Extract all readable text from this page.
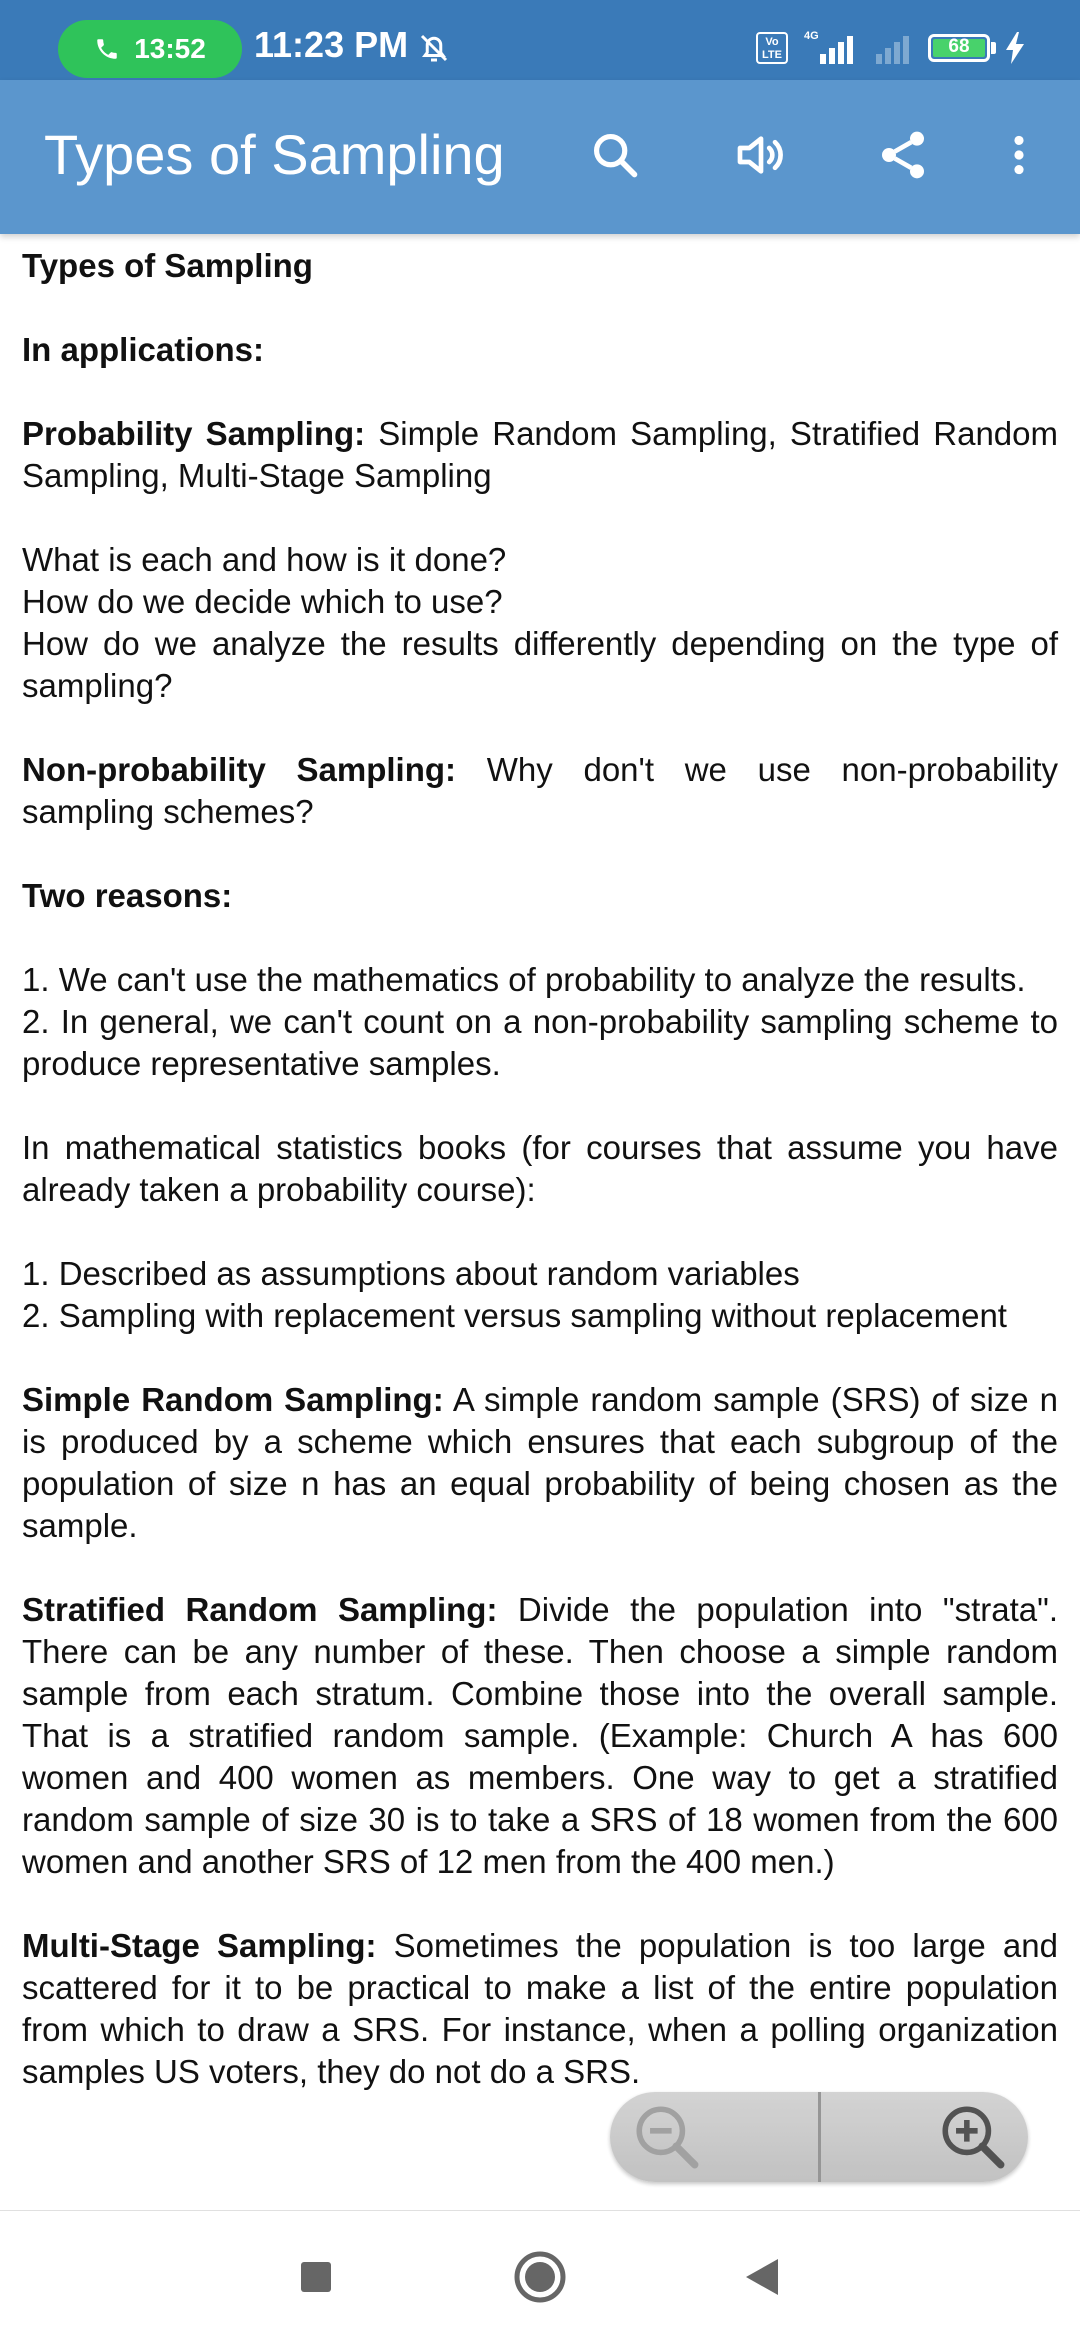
13:52 11:23 PM	Vo
LTE
4G	68
Types of Sampling

Types of Sampling

In applications:

Probability Sampling: Simple Random Sampling, Stratified Random Sampling, Multi-Stage Sampling

What is each and how is it done?
How do we decide which to use?
How do we analyze the results differently depending on the type of sampling?

Non-probability Sampling: Why don't we use non-probability sampling schemes?

Two reasons:

1. We can't use the mathematics of probability to analyze the results.
2. In general, we can't count on a non-probability sampling scheme to produce representative samples.

In mathematical statistics books (for courses that assume you have already taken a probability course):

1. Described as assumptions about random variables
2. Sampling with replacement versus sampling without replacement

Simple Random Sampling: A simple random sample (SRS) of size n is produced by a scheme which ensures that each subgroup of the population of size n has an equal probability of being chosen as the sample.

Stratified Random Sampling: Divide the population into "strata". There can be any number of these. Then choose a simple random sample from each stratum. Combine those into the overall sample. That is a stratified random sample. (Example: Church A has 600 women and 400 women as members. One way to get a stratified random sample of size 30 is to take a SRS of 18 women from the 600 women and another SRS of 12 men from the 400 men.)

Multi-Stage Sampling: Sometimes the population is too large and scattered for it to be practical to make a list of the entire population from which to draw a SRS. For instance, when a polling organization samples US voters, they do not do a SRS.
